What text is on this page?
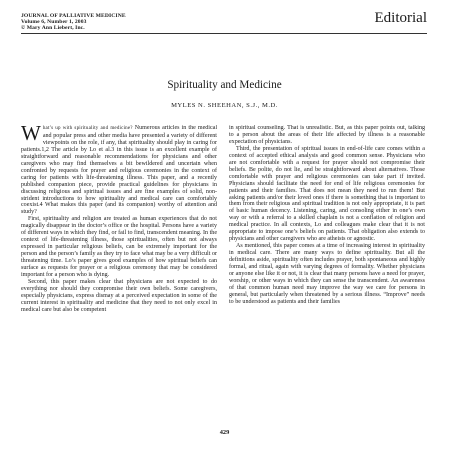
JOURNAL OF PALLIATIVE MEDICINE
Volume 6, Number 1, 2003
© Mary Ann Liebert, Inc.
Editorial
Spirituality and Medicine
MYLES N. SHEEHAN, S.J., M.D.

What’s up with spirituality and medicine? Numerous articles in the medical and popular press and other media have presented a variety of different viewpoints on the role, if any, that spirituality should play in caring for patients.1,2 The article by Lo et al.3 in this issue is an excellent example of straightforward and reasonable recommendations for physicians and other caregivers who may find themselves a bit bewildered and uncertain when confronted by requests for prayer and religious ceremonies in the context of caring for patients with life-threatening illness. This paper, and a recently published companion piece, provide practical guidelines for physicians in discussing religious and spiritual issues and are fine examples of solid, non-strident introductions to how spirituality and medical care can comfortably coexist.4 What makes this paper (and its companion) worthy of attention and study?

First, spirituality and religion are treated as human experiences that do not magically disappear in the doctor’s office or the hospital. Persons have a variety of different ways in which they find, or fail to find, transcendent meaning. In the context of life-threatening illness, those spiritualities, often but not always expressed in particular religious beliefs, can be extremely important for the person and the person’s family as they try to face what may be a very difficult or threatening time. Lo’s paper gives good examples of how spiritual beliefs can surface as requests for prayer or a religious ceremony that may be considered important for a person who is dying.

Second, this paper makes clear that physicians are not expected to do everything nor should they compromise their own beliefs. Some caregivers, especially physicians, express dismay at a perceived expectation in some of the current interest in spirituality and medicine that they need to not only excel in medical care but also be competent

in spiritual counseling. That is unrealistic. But, as this paper points out, talking to a person about the areas of their life affected by illness is a reasonable expectation of physicians.

Third, the presentation of spiritual issues in end-of-life care comes within a context of accepted ethical analysis and good common sense. Physicians who are not comfortable with a request for prayer should not compromise their beliefs. Be polite, do not lie, and be straightforward about alternatives. Those comfortable with prayer and religious ceremonies can take part if invited. Physicians should facilitate the need for end of life religious ceremonies for patients and their families. That does not mean they need to run them! But asking patients and/or their loved ones if there is something that is important to them from their religious and spiritual tradition is not only appropriate, it is part of basic human decency. Listening, caring, and consoling either in one’s own way or with a referral to a skilled chaplain is not a conflation of religion and medical practice. In all contexts, Lo and colleagues make clear that it is not appropriate to impose one’s beliefs on patients. That obligation also extends to physicians and other caregivers who are atheists or agnostic.

As mentioned, this paper comes at a time of increasing interest in spirituality in medical care. There are many ways to define spirituality. But all the definitions aside, spirituality often includes prayer, both spontaneous and highly formal, and ritual, again with varying degrees of formality. Whether physicians or anyone else like it or not, it is clear that many persons have a need for prayer, worship, or other ways in which they can sense the transcendent. An awareness of that common human need may improve the way we care for persons in general, but particularly when threatened by a serious illness. “Improve” needs to be understood as patients and their families

429
